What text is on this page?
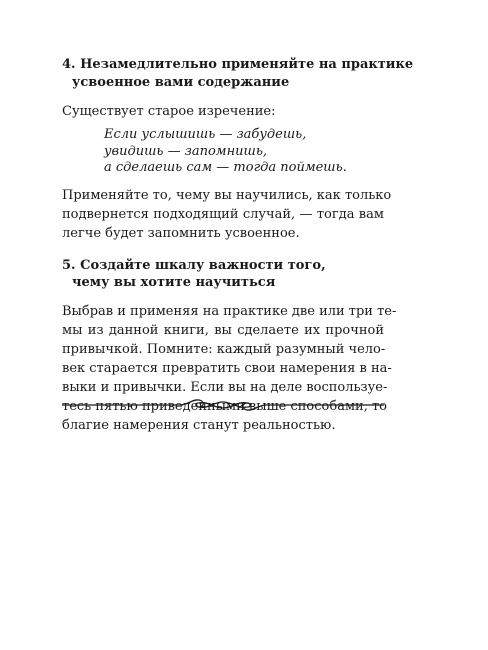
4. Незамедлительно применяйте на практике
усвоенное вами содержание

Существует старое изречение:

Если услышишь — забудешь,
увидишь — запомнишь,
а сделаешь сам — тогда поймешь.
Применяйте то, чему вы научились, как только
подвернется подходящий случай, — тогда вам
легче будет запомнить усвоенное.
5. Создайте шкалу важности того,
чему вы хотите научиться
Выбрав и применяя на практике две или три те-
мы из данной книги, вы сделаете их прочной
привычкой. Помните: каждый разумный чело-
век старается превратить свои намерения в на-
выки и привычки. Если вы на деле воспользуе-
тесь пятью приведенными выше способами, то
благие намерения станут реальностью.
